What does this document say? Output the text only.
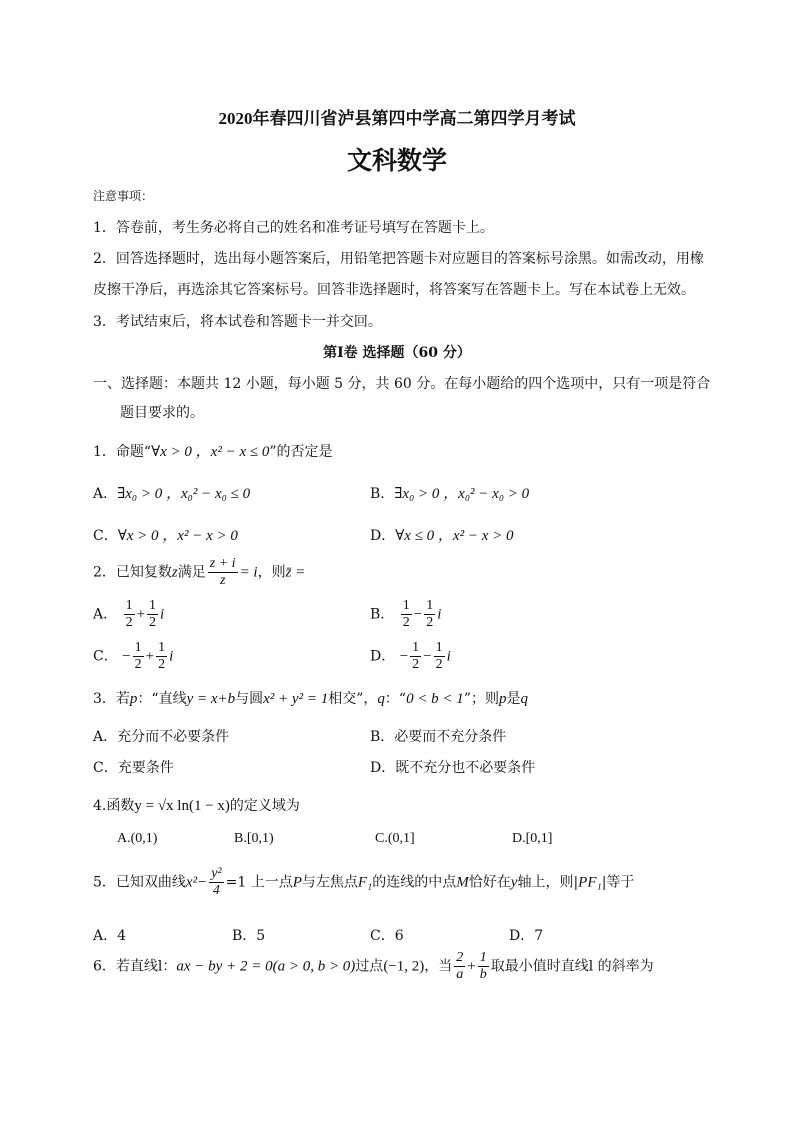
2020年春四川省泸县第四中学高二第四学月考试
文科数学
注意事项：
1．答卷前，考生务必将自己的姓名和准考证号填写在答题卡上。
2．回答选择题时，选出每小题答案后，用铅笔把答题卡对应题目的答案标号涂黑。如需改动，用橡
皮擦干净后，再选涂其它答案标号。回答非选择题时，将答案写在答题卡上。写在本试卷上无效。
3．考试结束后，将本试卷和答题卡一并交回。
第Ⅰ卷 选择题（60 分）
一、选择题：本题共 12 小题，每小题 5 分，共 60 分。在每小题给的四个选项中，只有一项是符合
题目要求的。
1．命题“∀x > 0 ，x² − x ≤ 0”的否定是
A．∃x₀ > 0 ，x₀² − x₀ ≤ 0	B．∃x₀ > 0 ，x₀² − x₀ > 0
C．∀x > 0 ，x² − x > 0	D．∀x ≤ 0 ，x² − x > 0
2．已知复数z满足 $\frac{z + i}{z} = i$，则z̄ =
A． $\frac{1}{2} + \frac{1}{2}$ i	B． $\frac{1}{2} - \frac{1}{2}$ i
C． − $\frac{1}{2} + \frac{1}{2}$ i	D． − $\frac{1}{2} - \frac{1}{2}$ i
3．若p：“直线y = x+b与圆x² + y² = 1相交”，q：“0 < b < 1”；则p是q
A．充分而不必要条件	B．必要而不充分条件
C．充要条件	D．既不充分也不必要条件
4.函数y = √x ln(1 − x)的定义域为
A.(0,1)	B.[0,1)	C.(0,1]	D.[0,1]
5．已知双曲线$x^2- \frac{\text{y²}}{4} =1$ 上一点P与左焦点F₁的连线的中点M恰好在y轴上，则|PF₁|等于
A．4	B．5	C．6	D．7
6．若直线l：ax − by + 2 = 0(a > 0, b > 0)过点(−1, 2)，当 $\frac{2}{a} + \frac{1}{b}$ 取最小值时直线l 的斜率为
